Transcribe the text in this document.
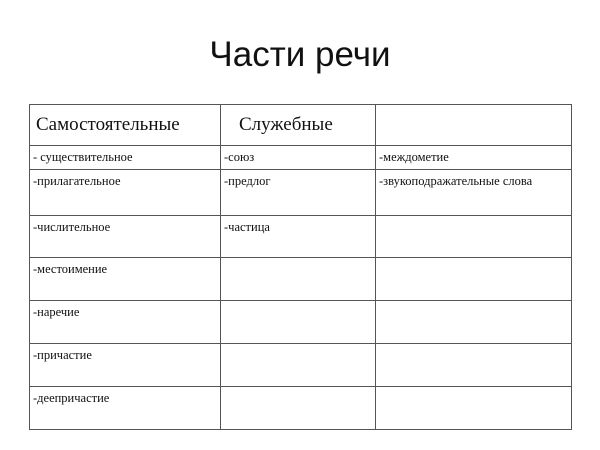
Части речи
Самостоятельные	Служебные	
- существительное	-союз	-междометие
-прилагательное	-предлог	-звукоподражательные слова
-числительное	-частица	
-местоимение		
-наречие		
-причастие		
-деепричастие		
